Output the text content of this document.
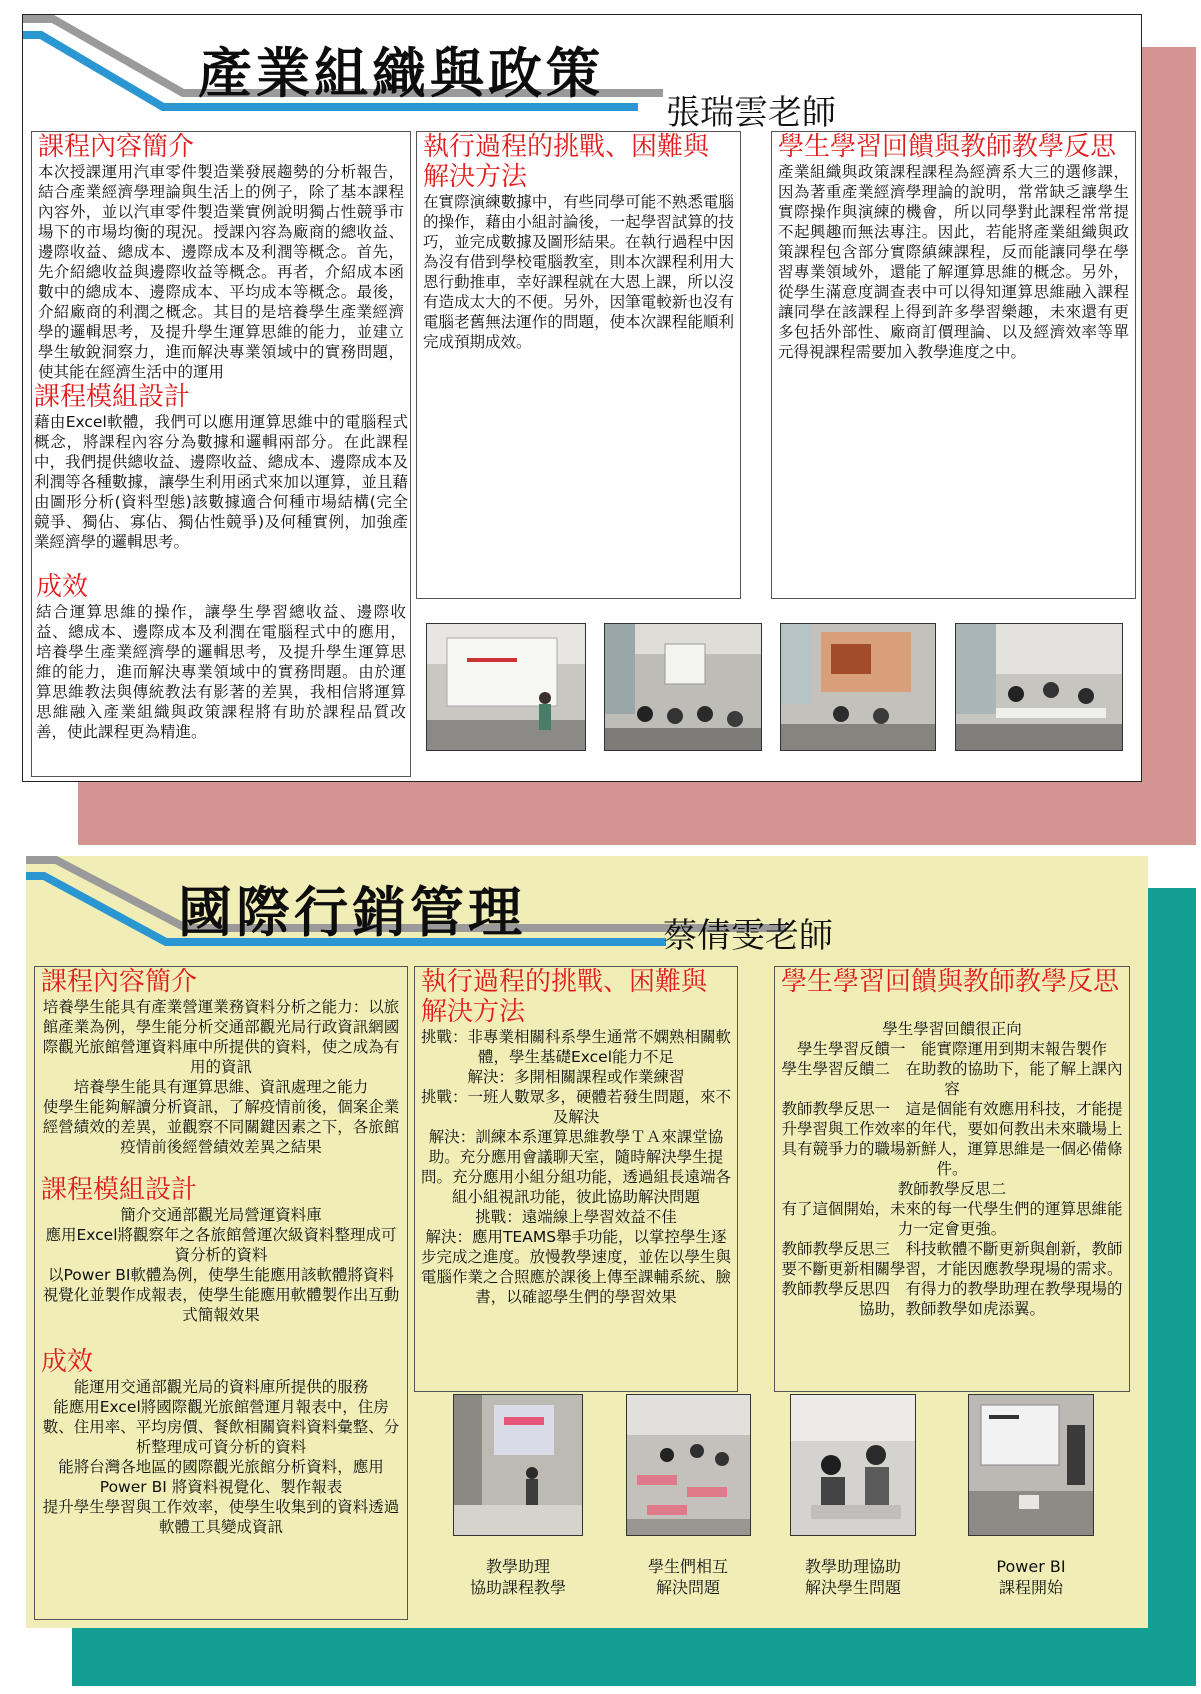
產業組織與政策
張瑞雲老師
課程內容簡介
本次授課運用汽車零件製造業發展趨勢的分析報告，結合產業經濟學理論與生活上的例子，除了基本課程內容外，並以汽車零件製造業實例說明獨占性競爭市場下的市場均衡的現況。授課內容為廠商的總收益、邊際收益、總成本、邊際成本及利潤等概念。首先，先介紹總收益與邊際收益等概念。再者，介紹成本函數中的總成本、邊際成本、平均成本等概念。最後，介紹廠商的利潤之概念。其目的是培養學生產業經濟學的邏輯思考，及提升學生運算思維的能力，並建立學生敏銳洞察力，進而解決專業領域中的實務問題，使其能在經濟生活中的運用
課程模組設計
藉由Excel軟體，我們可以應用運算思維中的電腦程式概念，將課程內容分為數據和邏輯兩部分。在此課程中，我們提供總收益、邊際收益、總成本、邊際成本及利潤等各種數據，讓學生利用函式來加以運算，並且藉由圖形分析(資料型態)該數據適合何種市場結構(完全競爭、獨佔、寡佔、獨佔性競爭)及何種實例，加強產業經濟學的邏輯思考。
成效
結合運算思維的操作，讓學生學習總收益、邊際收益、總成本、邊際成本及利潤在電腦程式中的應用，培養學生產業經濟學的邏輯思考，及提升學生運算思維的能力，進而解決專業領域中的實務問題。由於運算思維教法與傳統教法有影著的差異，我相信將運算思維融入產業組織與政策課程將有助於課程品質改善，使此課程更為精進。
執行過程的挑戰、困難與解決方法
在實際演練數據中，有些同學可能不熟悉電腦的操作，藉由小組討論後，一起學習試算的技巧，並完成數據及圖形結果。在執行過程中因為沒有借到學校電腦教室，則本次課程利用大恩行動推車，幸好課程就在大恩上課，所以沒有造成太大的不便。另外，因筆電較新也沒有電腦老舊無法運作的問題，使本次課程能順利完成預期成效。
學生學習回饋與教師教學反思
產業組織與政策課程課程為經濟系大三的選修課，因為著重產業經濟學理論的說明，常常缺乏讓學生實際操作與演練的機會，所以同學對此課程常常提不起興趣而無法專注。因此，若能將產業組織與政策課程包含部分實際縝練課程，反而能讓同學在學習專業領域外，還能了解運算思維的概念。另外，從學生滿意度調查表中可以得知運算思維融入課程讓同學在該課程上得到許多學習樂趣，未來還有更多包括外部性、廠商訂價理論、以及經濟效率等單元得視課程需要加入教學進度之中。
國際行銷管理	蔡倩雯老師
課程內容簡介

培養學生能具有產業營運業務資料分析之能力：以旅館產業為例，學生能分析交通部觀光局行政資訊網國際觀光旅館營運資料庫中所提供的資料，使之成為有用的資訊

培養學生能具有運算思維、資訊處理之能力

使學生能夠解讀分析資訊，了解疫情前後，個案企業經營績效的差異，並觀察不同關鍵因素之下，各旅館疫情前後經營績效差異之結果

課程模組設計

簡介交通部觀光局營運資料庫

應用Excel將觀察年之各旅館營運次級資料整理成可資分析的資料

以Power BI軟體為例，使學生能應用該軟體將資料視覺化並製作成報表，使學生能應用軟體製作出互動式簡報效果

成效

能運用交通部觀光局的資料庫所提供的服務

能應用Excel將國際觀光旅館營運月報表中，住房數、住用率、平均房價、餐飲相關資料資料彙整、分析整理成可資分析的資料

能將台灣各地區的國際觀光旅館分析資料，應用Power BI 將資料視覺化、製作報表

提升學生學習與工作效率，使學生收集到的資料透過軟體工具變成資訊

執行過程的挑戰、困難與解決方法

挑戰：非專業相關科系學生通常不嫻熟相關軟體，學生基礎Excel能力不足

解決：多開相關課程或作業練習

挑戰：一班人數眾多，硬體若發生問題，來不及解決

解決：訓練本系運算思維教學ＴＡ來課堂協助。充分應用會議聊天室，隨時解決學生提問。充分應用小組分組功能，透過組長遠端各組小組視訊功能，彼此協助解決問題

挑戰：遠端線上學習效益不佳

解決：應用TEAMS舉手功能，以掌控學生逐步完成之進度。放慢教學速度，並佐以學生與電腦作業之合照應於課後上傳至課輔系統、臉書，以確認學生們的學習效果

學生學習回饋與教師教學反思

學生學習回饋很正向

學生學習反饋一　能實際運用到期末報告製作

學生學習反饋二　在助教的協助下，能了解上課內容

教師教學反思一　這是個能有效應用科技，才能提升學習與工作效率的年代，要如何教出未來職場上具有競爭力的職場新鮮人，運算思維是一個必備條件。

教師教學反思二

有了這個開始，未來的每一代學生們的運算思維能力一定會更強。

教師教學反思三　科技軟體不斷更新與創新，教師要不斷更新相關學習，才能因應教學現場的需求。

教師教學反思四　有得力的教學助理在教學現場的協助，教師教學如虎添翼。

教學助理
協助課程教學
學生們相互
解決問題
教學助理協助
解決學生問題
Power BI
課程開始
